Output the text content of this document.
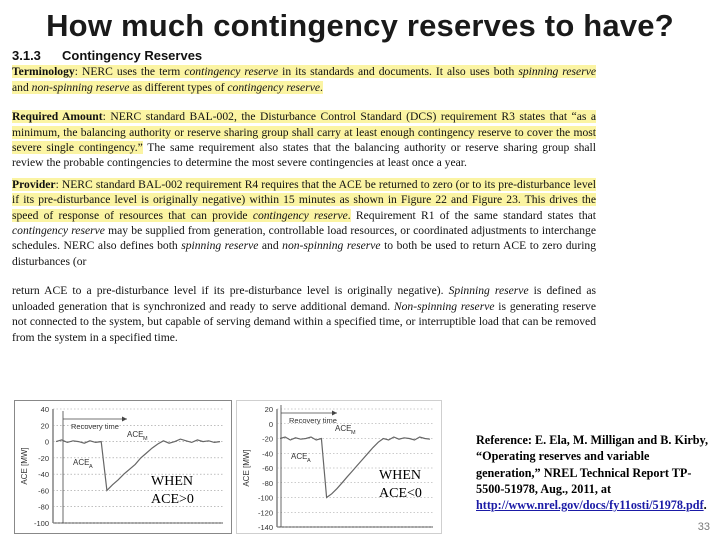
How much contingency reserves to have?
3.1.3 Contingency Reserves

Terminology: NERC uses the term contingency reserve in its standards and documents. It also uses both spinning reserve and non-spinning reserve as different types of contingency reserve.

Required Amount: NERC standard BAL-002, the Disturbance Control Standard (DCS) requirement R3 states that “as a minimum, the balancing authority or reserve sharing group shall carry at least enough contingency reserve to cover the most severe single contingency.” The same requirement also states that the balancing authority or reserve sharing group shall review the probable contingencies to determine the most severe contingencies at least once a year.

Provider: NERC standard BAL-002 requirement R4 requires that the ACE be returned to zero (or to its pre-disturbance level if its pre-disturbance level is originally negative) within 15 minutes as shown in Figure 22 and Figure 23. This drives the speed of response of resources that can provide contingency reserve. Requirement R1 of the same standard states that contingency reserve may be supplied from generation, controllable load resources, or coordinated adjustments to interchange schedules. NERC also defines both spinning reserve and non-spinning reserve to both be used to return ACE to zero during disturbances (or

return ACE to a pre-disturbance level if its pre-disturbance level is originally negative). Spinning reserve is defined as unloaded generation that is synchronized and ready to serve additional demand. Non-spinning reserve is generating reserve not connected to the system, but capable of serving demand within a specified time, or interruptible load that can be removed from the system in a specified time.

40
20
0
-20
-40
-60
-80
-100
ACE [MW]
Recovery time
ACE M
ACE A
WHEN
ACE>0
20
0
-20
-40
-60
-80
-100
-120
-140
ACE [MW]
Recovery time
ACE M
ACE A
WHEN
ACE<0
Reference: E. Ela, M. Milligan and B. Kirby, “Operating reserves and variable generation,” NREL Technical Report TP-5500-51978, Aug., 2011, at http://www.nrel.gov/docs/fy11osti/51978.pdf.
33
